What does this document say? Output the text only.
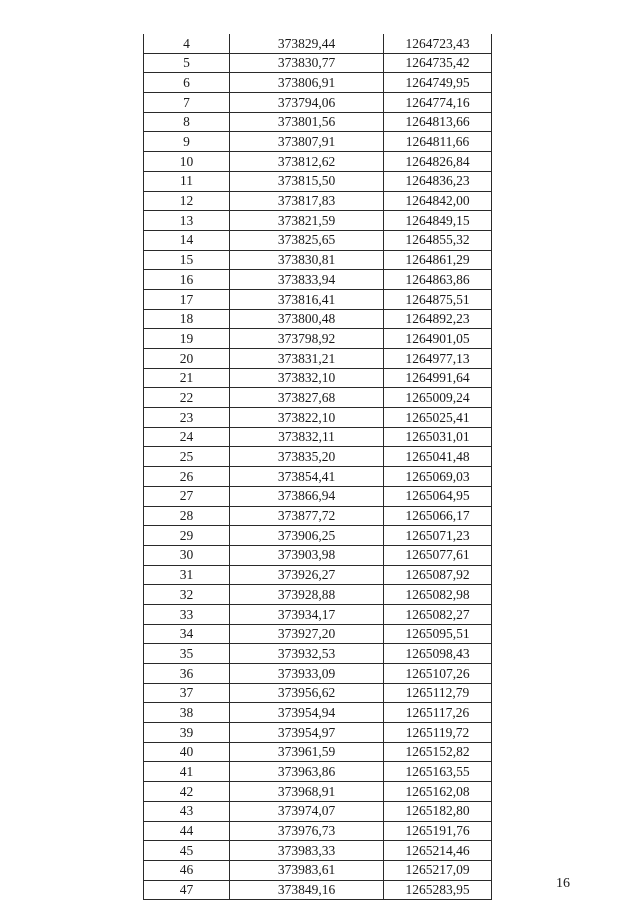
4	373829,44	1264723,43
5	373830,77	1264735,42
6	373806,91	1264749,95
7	373794,06	1264774,16
8	373801,56	1264813,66
9	373807,91	1264811,66
10	373812,62	1264826,84
11	373815,50	1264836,23
12	373817,83	1264842,00
13	373821,59	1264849,15
14	373825,65	1264855,32
15	373830,81	1264861,29
16	373833,94	1264863,86
17	373816,41	1264875,51
18	373800,48	1264892,23
19	373798,92	1264901,05
20	373831,21	1264977,13
21	373832,10	1264991,64
22	373827,68	1265009,24
23	373822,10	1265025,41
24	373832,11	1265031,01
25	373835,20	1265041,48
26	373854,41	1265069,03
27	373866,94	1265064,95
28	373877,72	1265066,17
29	373906,25	1265071,23
30	373903,98	1265077,61
31	373926,27	1265087,92
32	373928,88	1265082,98
33	373934,17	1265082,27
34	373927,20	1265095,51
35	373932,53	1265098,43
36	373933,09	1265107,26
37	373956,62	1265112,79
38	373954,94	1265117,26
39	373954,97	1265119,72
40	373961,59	1265152,82
41	373963,86	1265163,55
42	373968,91	1265162,08
43	373974,07	1265182,80
44	373976,73	1265191,76
45	373983,33	1265214,46
46	373983,61	1265217,09
47	373849,16	1265283,95	16
